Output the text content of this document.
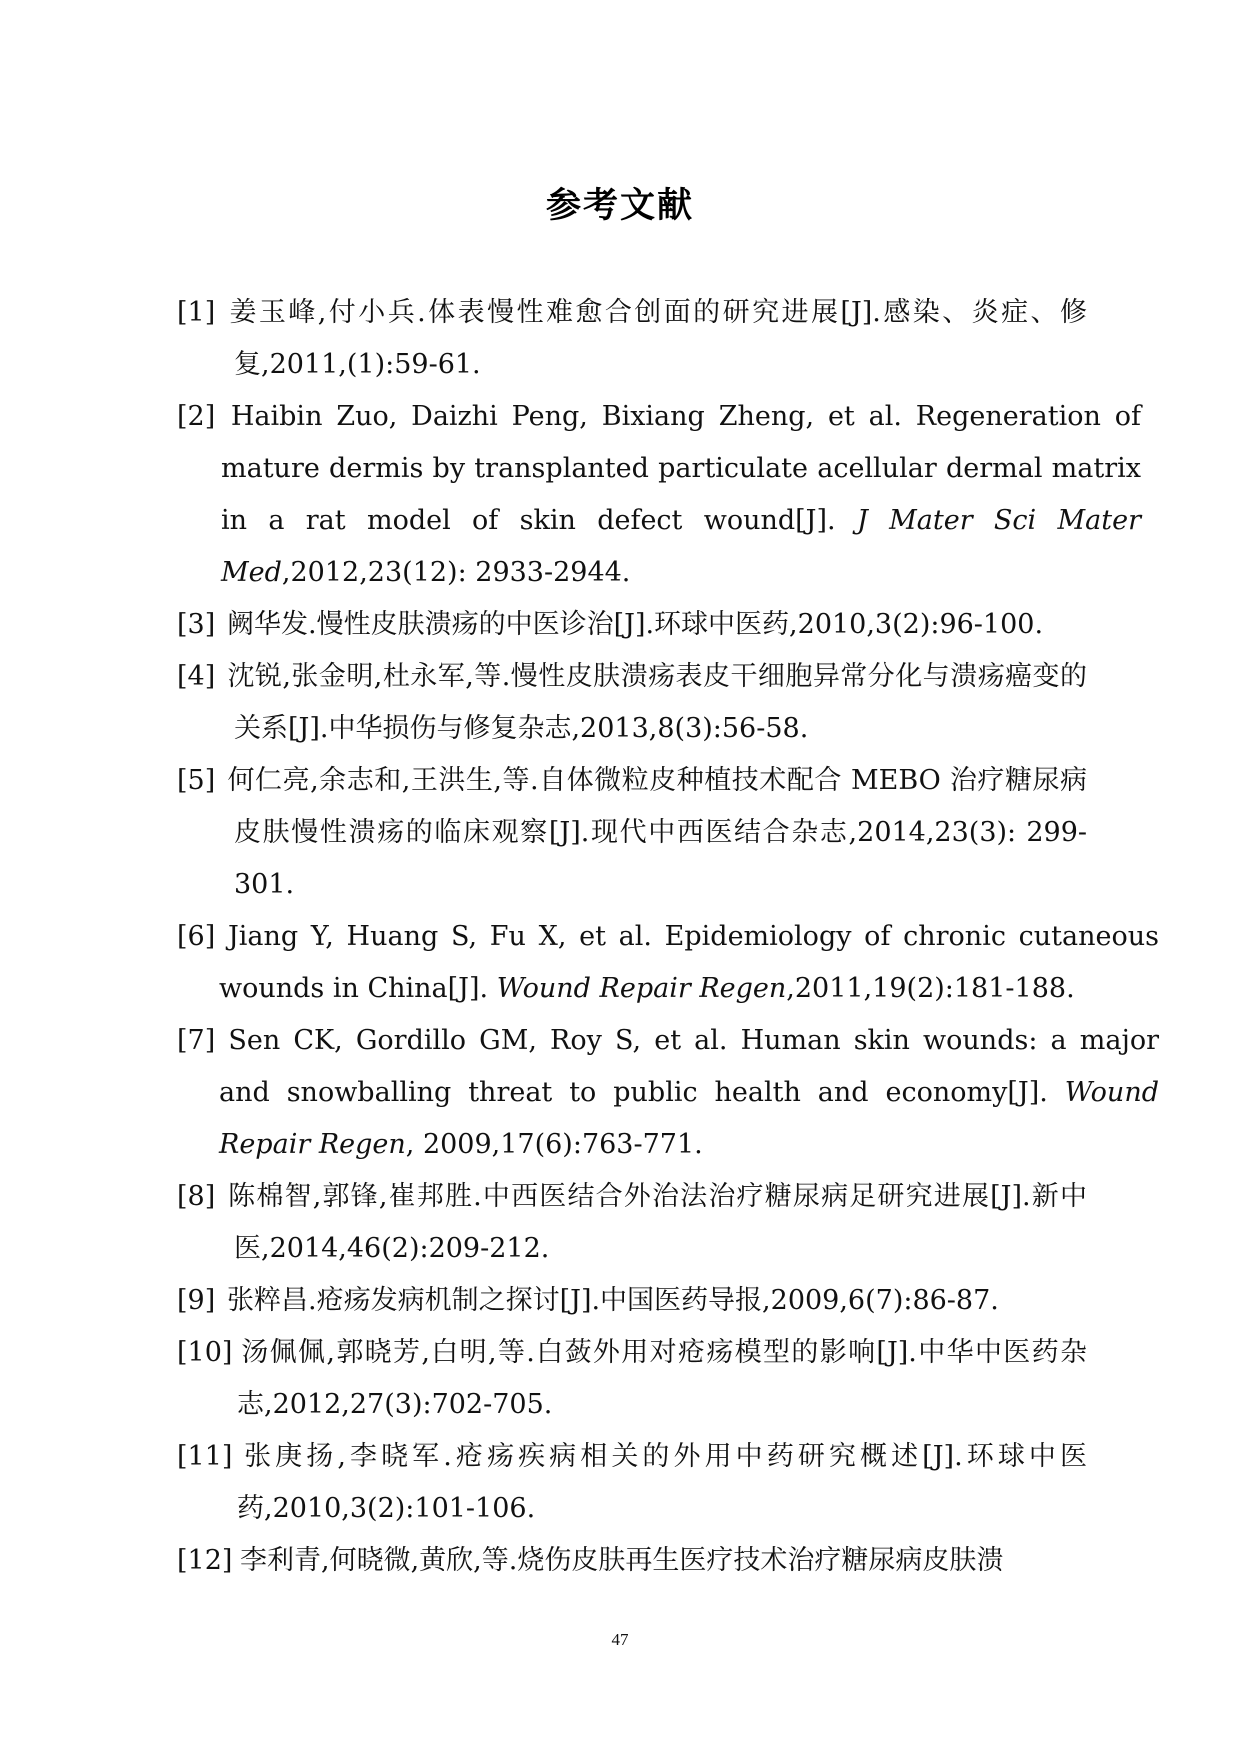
参考文献

[1] 姜玉峰,付小兵.体表慢性难愈合创面的研究进展[J].感染、炎症、修复,2011,(1):59-61.

[2] Haibin Zuo, Daizhi Peng, Bixiang Zheng, et al. Regeneration of mature dermis by transplanted particulate acellular dermal matrix in a rat model of skin defect wound[J]. J Mater Sci Mater Med,2012,23(12): 2933-2944.

[3] 阙华发.慢性皮肤溃疡的中医诊治[J].环球中医药,2010,3(2):96-100.

[4] 沈锐,张金明,杜永军,等.慢性皮肤溃疡表皮干细胞异常分化与溃疡癌变的关系[J].中华损伤与修复杂志,2013,8(3):56-58.

[5] 何仁亮,余志和,王洪生,等.自体微粒皮种植技术配合 MEBO 治疗糖尿病皮肤慢性溃疡的临床观察[J].现代中西医结合杂志,2014,23(3): 299-301.

[6] Jiang Y, Huang S, Fu X, et al. Epidemiology of chronic cutaneous wounds in China[J]. Wound Repair Regen,2011,19(2):181-188.

[7] Sen CK, Gordillo GM, Roy S, et al. Human skin wounds: a major and snowballing threat to public health and economy[J]. Wound Repair Regen, 2009,17(6):763-771.

[8] 陈棉智,郭锋,崔邦胜.中西医结合外治法治疗糖尿病足研究进展[J].新中医,2014,46(2):209-212.

[9] 张粹昌.疮疡发病机制之探讨[J].中国医药导报,2009,6(7):86-87.

[10] 汤佩佩,郭晓芳,白明,等.白蔹外用对疮疡模型的影响[J].中华中医药杂志,2012,27(3):702-705.

[11] 张庚扬,李晓军.疮疡疾病相关的外用中药研究概述[J].环球中医药,2010,3(2):101-106.

[12] 李利青,何晓微,黄欣,等.烧伤皮肤再生医疗技术治疗糖尿病皮肤溃

47
